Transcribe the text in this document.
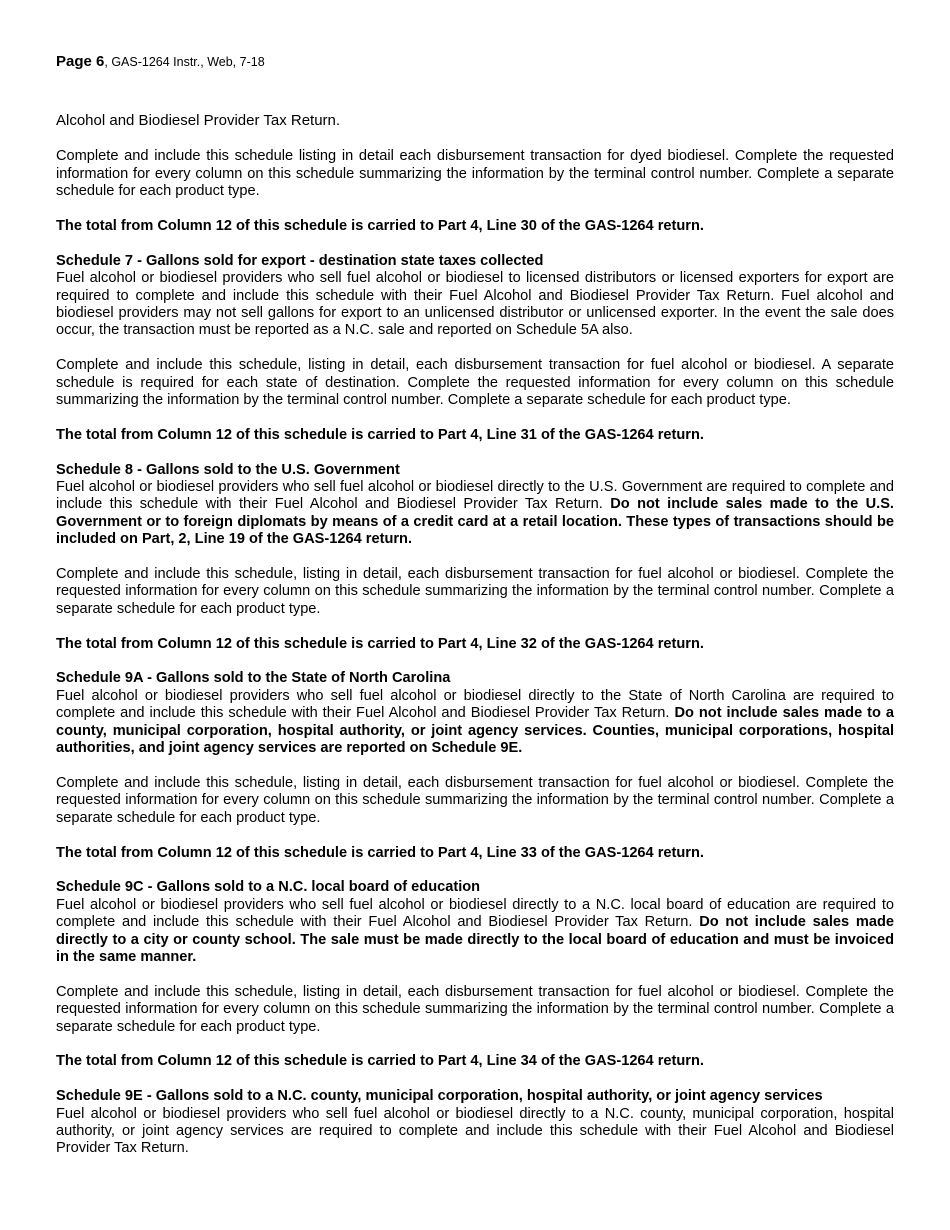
Page 6, GAS-1264 Instr., Web, 7-18

Alcohol and Biodiesel Provider Tax Return.

Complete and include this schedule listing in detail each disbursement transaction for dyed biodiesel. Complete the requested information for every column on this schedule summarizing the information by the terminal control number. Complete a separate schedule for each product type.

The total from Column 12 of this schedule is carried to Part 4, Line 30 of the GAS-1264 return.

Schedule 7 - Gallons sold for export - destination state taxes collected
Fuel alcohol or biodiesel providers who sell fuel alcohol or biodiesel to licensed distributors or licensed exporters for export are required to complete and include this schedule with their Fuel Alcohol and Biodiesel Provider Tax Return. Fuel alcohol and biodiesel providers may not sell gallons for export to an unlicensed distributor or unlicensed exporter. In the event the sale does occur, the transaction must be reported as a N.C. sale and reported on Schedule 5A also.

Complete and include this schedule, listing in detail, each disbursement transaction for fuel alcohol or biodiesel. A separate schedule is required for each state of destination. Complete the requested information for every column on this schedule summarizing the information by the terminal control number. Complete a separate schedule for each product type.

The total from Column 12 of this schedule is carried to Part 4, Line 31 of the GAS-1264 return.

Schedule 8 - Gallons sold to the U.S. Government
Fuel alcohol or biodiesel providers who sell fuel alcohol or biodiesel directly to the U.S. Government are required to complete and include this schedule with their Fuel Alcohol and Biodiesel Provider Tax Return. Do not include sales made to the U.S. Government or to foreign diplomats by means of a credit card at a retail location. These types of transactions should be included on Part, 2, Line 19 of the GAS-1264 return.

Complete and include this schedule, listing in detail, each disbursement transaction for fuel alcohol or biodiesel. Complete the requested information for every column on this schedule summarizing the information by the terminal control number. Complete a separate schedule for each product type.

The total from Column 12 of this schedule is carried to Part 4, Line 32 of the GAS-1264 return.

Schedule 9A - Gallons sold to the State of North Carolina
Fuel alcohol or biodiesel providers who sell fuel alcohol or biodiesel directly to the State of North Carolina are required to complete and include this schedule with their Fuel Alcohol and Biodiesel Provider Tax Return. Do not include sales made to a county, municipal corporation, hospital authority, or joint agency services. Counties, municipal corporations, hospital authorities, and joint agency services are reported on Schedule 9E.

Complete and include this schedule, listing in detail, each disbursement transaction for fuel alcohol or biodiesel. Complete the requested information for every column on this schedule summarizing the information by the terminal control number. Complete a separate schedule for each product type.

The total from Column 12 of this schedule is carried to Part 4, Line 33 of the GAS-1264 return.

Schedule 9C - Gallons sold to a N.C. local board of education
Fuel alcohol or biodiesel providers who sell fuel alcohol or biodiesel directly to a N.C. local board of education are required to complete and include this schedule with their Fuel Alcohol and Biodiesel Provider Tax Return. Do not include sales made directly to a city or county school. The sale must be made directly to the local board of education and must be invoiced in the same manner.

Complete and include this schedule, listing in detail, each disbursement transaction for fuel alcohol or biodiesel. Complete the requested information for every column on this schedule summarizing the information by the terminal control number. Complete a separate schedule for each product type.

The total from Column 12 of this schedule is carried to Part 4, Line 34 of the GAS-1264 return.

Schedule 9E - Gallons sold to a N.C. county, municipal corporation, hospital authority, or joint agency services
Fuel alcohol or biodiesel providers who sell fuel alcohol or biodiesel directly to a N.C. county, municipal corporation, hospital authority, or joint agency services are required to complete and include this schedule with their Fuel Alcohol and Biodiesel Provider Tax Return.
